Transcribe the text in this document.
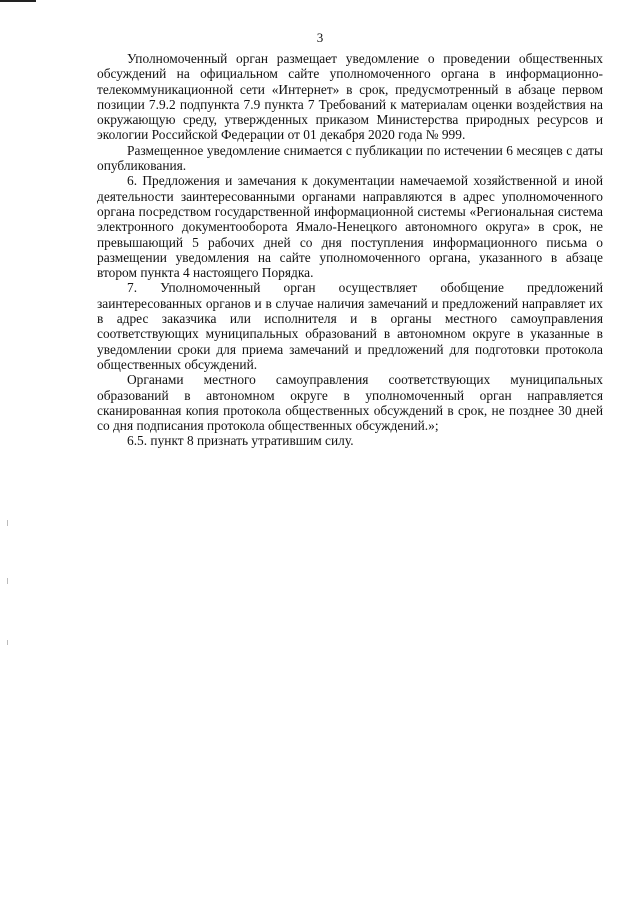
3

Уполномоченный орган размещает уведомление о проведении общественных обсуждений на официальном сайте уполномоченного органа в информационно-телекоммуникационной сети «Интернет» в срок, предусмотренный в абзаце первом позиции 7.9.2 подпункта 7.9 пункта 7 Требований к материалам оценки воздействия на окружающую среду, утвержденных приказом Министерства природных ресурсов и экологии Российской Федерации от 01 декабря 2020 года № 999.

Размещенное уведомление снимается с публикации по истечении 6 месяцев с даты опубликования.

6. Предложения и замечания к документации намечаемой хозяйственной и иной деятельности заинтересованными органами направляются в адрес уполномоченного органа посредством государственной информационной системы «Региональная система электронного документооборота Ямало-Ненецкого автономного округа» в срок, не превышающий 5 рабочих дней со дня поступления информационного письма о размещении уведомления на сайте уполномоченного органа, указанного в абзаце втором пункта 4 настоящего Порядка.

7. Уполномоченный орган осуществляет обобщение предложений заинтересованных органов и в случае наличия замечаний и предложений направляет их в адрес заказчика или исполнителя и в органы местного самоуправления соответствующих муниципальных образований в автономном округе в указанные в уведомлении сроки для приема замечаний и предложений для подготовки протокола общественных обсуждений.

Органами местного самоуправления соответствующих муниципальных образований в автономном округе в уполномоченный орган направляется сканированная копия протокола общественных обсуждений в срок, не позднее 30 дней со дня подписания протокола общественных обсуждений.»;

6.5. пункт 8 признать утратившим силу.
